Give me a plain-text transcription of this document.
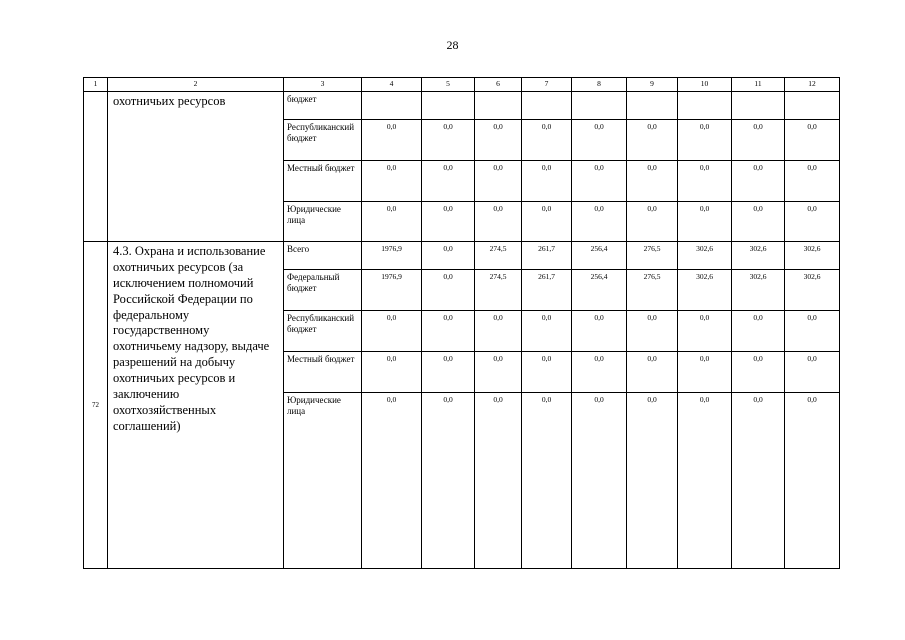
28
1	2	3	4	5	6	7	8	9	10	11	12
	охотничьих ресурсов	бюджет									
		Республиканский бюджет	0,0	0,0	0,0	0,0	0,0	0,0	0,0	0,0	0,0
		Местный бюджет	0,0	0,0	0,0	0,0	0,0	0,0	0,0	0,0	0,0
		Юридические лица	0,0	0,0	0,0	0,0	0,0	0,0	0,0	0,0	0,0
72	4.3. Охрана и использование охотничьих ресурсов (за исключением полномочий Российской Федерации по федеральному государственному охотничьему надзору, выдаче разрешений на добычу охотничьих ресурсов и заключению охотхозяйственных соглашений)	Всего	1976,9	0,0	274,5	261,7	256,4	276,5	302,6	302,6	302,6
		Федеральный бюджет	1976,9	0,0	274,5	261,7	256,4	276,5	302,6	302,6	302,6
		Республиканский бюджет	0,0	0,0	0,0	0,0	0,0	0,0	0,0	0,0	0,0
		Местный бюджет	0,0	0,0	0,0	0,0	0,0	0,0	0,0	0,0	0,0
		Юридические лица	0,0	0,0	0,0	0,0	0,0	0,0	0,0	0,0	0,0
